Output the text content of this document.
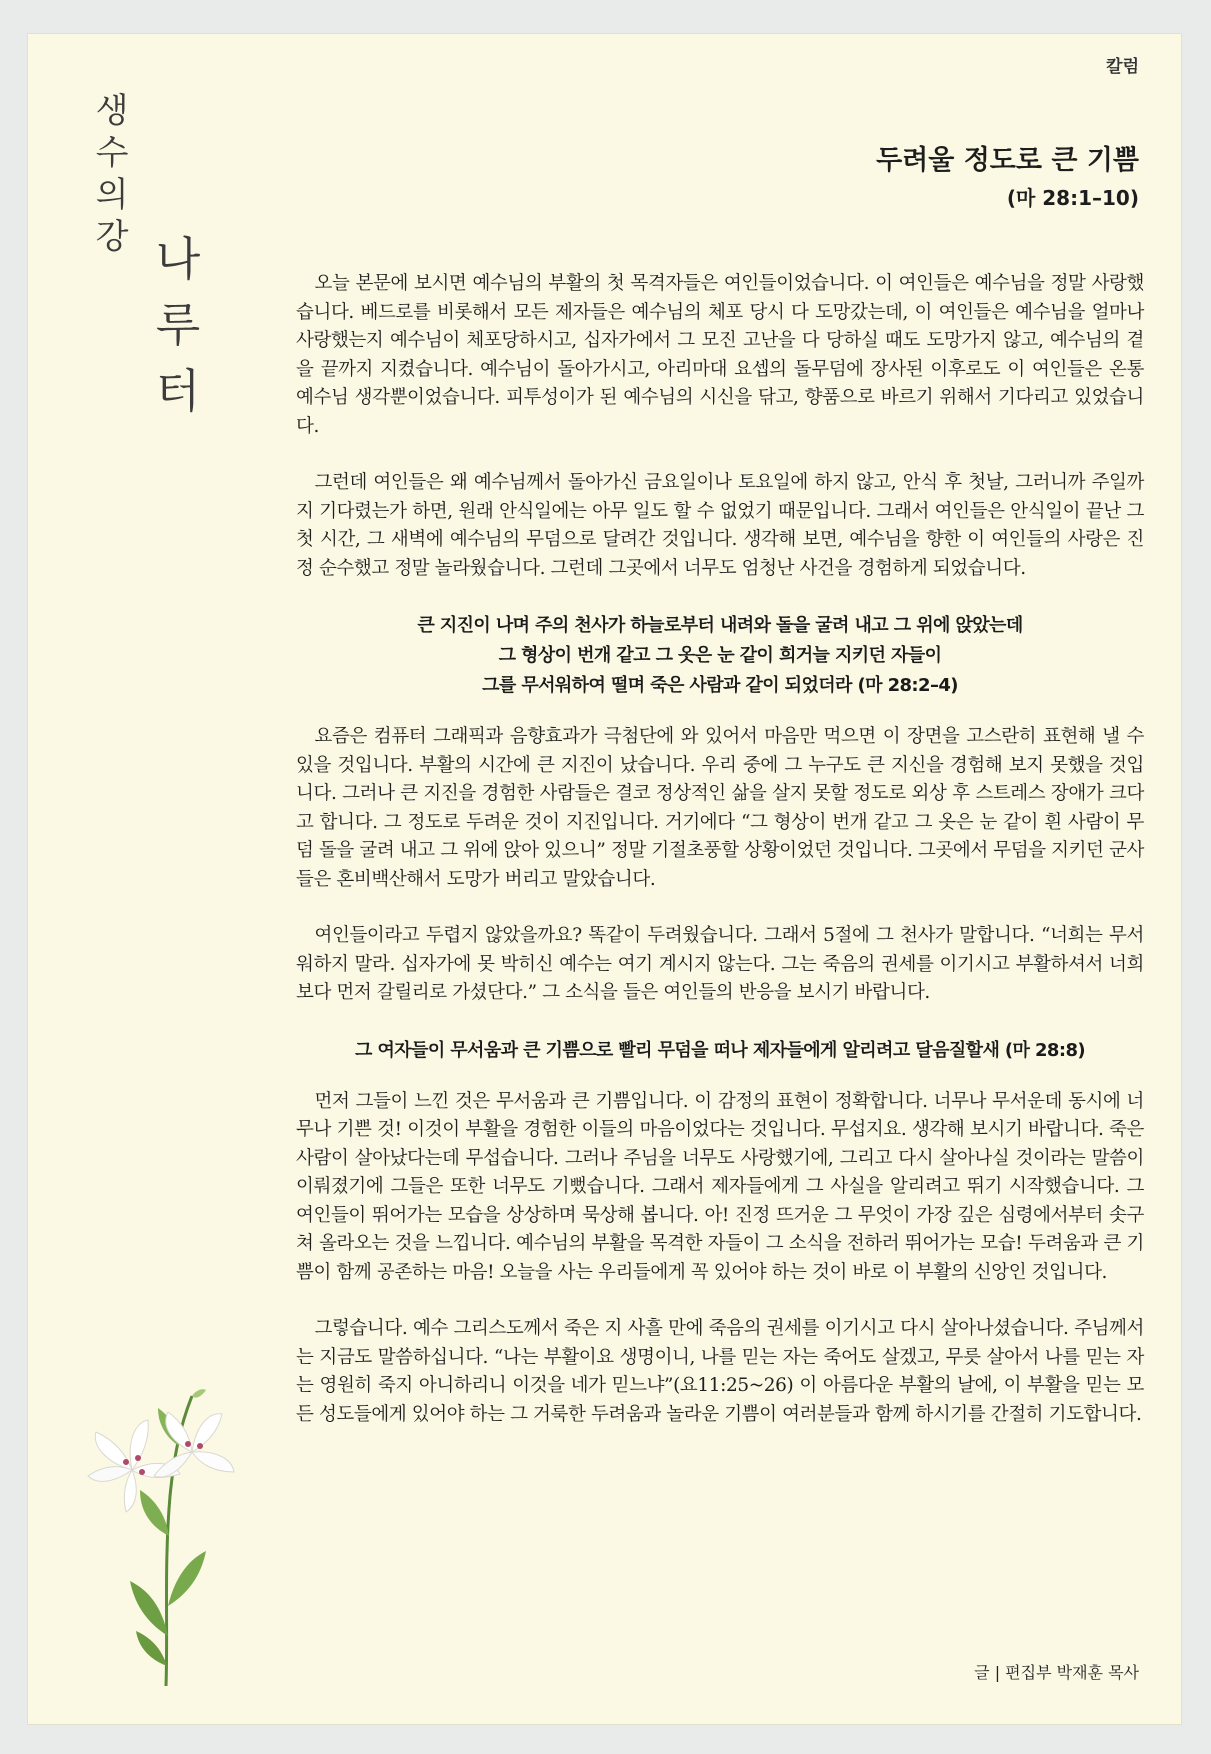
칼럼
생
수
의
강 나
루
터
두려울 정도로 큰 기쁨
(마 28:1–10)

오늘 본문에 보시면 예수님의 부활의 첫 목격자들은 여인들이었습니다. 이 여인들은 예수님을 정말 사랑했습니다. 베드로를 비롯해서 모든 제자들은 예수님의 체포 당시 다 도망갔는데, 이 여인들은 예수님을 얼마나 사랑했는지 예수님이 체포당하시고, 십자가에서 그 모진 고난을 다 당하실 때도 도망가지 않고, 예수님의 곁을 끝까지 지켰습니다. 예수님이 돌아가시고, 아리마대 요셉의 돌무덤에 장사된 이후로도 이 여인들은 온통 예수님 생각뿐이었습니다. 피투성이가 된 예수님의 시신을 닦고, 향품으로 바르기 위해서 기다리고 있었습니다.

그런데 여인들은 왜 예수님께서 돌아가신 금요일이나 토요일에 하지 않고, 안식 후 첫날, 그러니까 주일까지 기다렸는가 하면, 원래 안식일에는 아무 일도 할 수 없었기 때문입니다. 그래서 여인들은 안식일이 끝난 그 첫 시간, 그 새벽에 예수님의 무덤으로 달려간 것입니다. 생각해 보면, 예수님을 향한 이 여인들의 사랑은 진정 순수했고 정말 놀라웠습니다. 그런데 그곳에서 너무도 엄청난 사건을 경험하게 되었습니다.

큰 지진이 나며 주의 천사가 하늘로부터 내려와 돌을 굴려 내고 그 위에 앉았는데
그 형상이 번개 같고 그 옷은 눈 같이 희거늘 지키던 자들이
그를 무서워하여 떨며 죽은 사람과 같이 되었더라 (마 28:2–4)

요즘은 컴퓨터 그래픽과 음향효과가 극첨단에 와 있어서 마음만 먹으면 이 장면을 고스란히 표현해 낼 수 있을 것입니다. 부활의 시간에 큰 지진이 났습니다. 우리 중에 그 누구도 큰 지신을 경험해 보지 못했을 것입니다. 그러나 큰 지진을 경험한 사람들은 결코 정상적인 삶을 살지 못할 정도로 외상 후 스트레스 장애가 크다고 합니다. 그 정도로 두려운 것이 지진입니다. 거기에다 “그 형상이 번개 같고 그 옷은 눈 같이 흰 사람이 무덤 돌을 굴려 내고 그 위에 앉아 있으니” 정말 기절초풍할 상황이었던 것입니다. 그곳에서 무덤을 지키던 군사들은 혼비백산해서 도망가 버리고 말았습니다.

여인들이라고 두렵지 않았을까요? 똑같이 두려웠습니다. 그래서 5절에 그 천사가 말합니다. “너희는 무서워하지 말라. 십자가에 못 박히신 예수는 여기 계시지 않는다. 그는 죽음의 권세를 이기시고 부활하셔서 너희보다 먼저 갈릴리로 가셨단다.” 그 소식을 들은 여인들의 반응을 보시기 바랍니다.

그 여자들이 무서움과 큰 기쁨으로 빨리 무덤을 떠나 제자들에게 알리려고 달음질할새 (마 28:8)

먼저 그들이 느낀 것은 무서움과 큰 기쁨입니다. 이 감정의 표현이 정확합니다. 너무나 무서운데 동시에 너무나 기쁜 것! 이것이 부활을 경험한 이들의 마음이었다는 것입니다. 무섭지요. 생각해 보시기 바랍니다. 죽은 사람이 살아났다는데 무섭습니다. 그러나 주님을 너무도 사랑했기에, 그리고 다시 살아나실 것이라는 말씀이 이뤄졌기에 그들은 또한 너무도 기뻤습니다. 그래서 제자들에게 그 사실을 알리려고 뛰기 시작했습니다. 그 여인들이 뛰어가는 모습을 상상하며 묵상해 봅니다. 아! 진정 뜨거운 그 무엇이 가장 깊은 심령에서부터 솟구쳐 올라오는 것을 느낍니다. 예수님의 부활을 목격한 자들이 그 소식을 전하러 뛰어가는 모습! 두려움과 큰 기쁨이 함께 공존하는 마음! 오늘을 사는 우리들에게 꼭 있어야 하는 것이 바로 이 부활의 신앙인 것입니다.

그렇습니다. 예수 그리스도께서 죽은 지 사흘 만에 죽음의 권세를 이기시고 다시 살아나셨습니다. 주님께서는 지금도 말씀하십니다. “나는 부활이요 생명이니, 나를 믿는 자는 죽어도 살겠고, 무릇 살아서 나를 믿는 자는 영원히 죽지 아니하리니 이것을 네가 믿느냐”(요11:25~26) 이 아름다운 부활의 날에, 이 부활을 믿는 모든 성도들에게 있어야 하는 그 거룩한 두려움과 놀라운 기쁨이 여러분들과 함께 하시기를 간절히 기도합니다.

글 | 편집부 박재훈 목사
